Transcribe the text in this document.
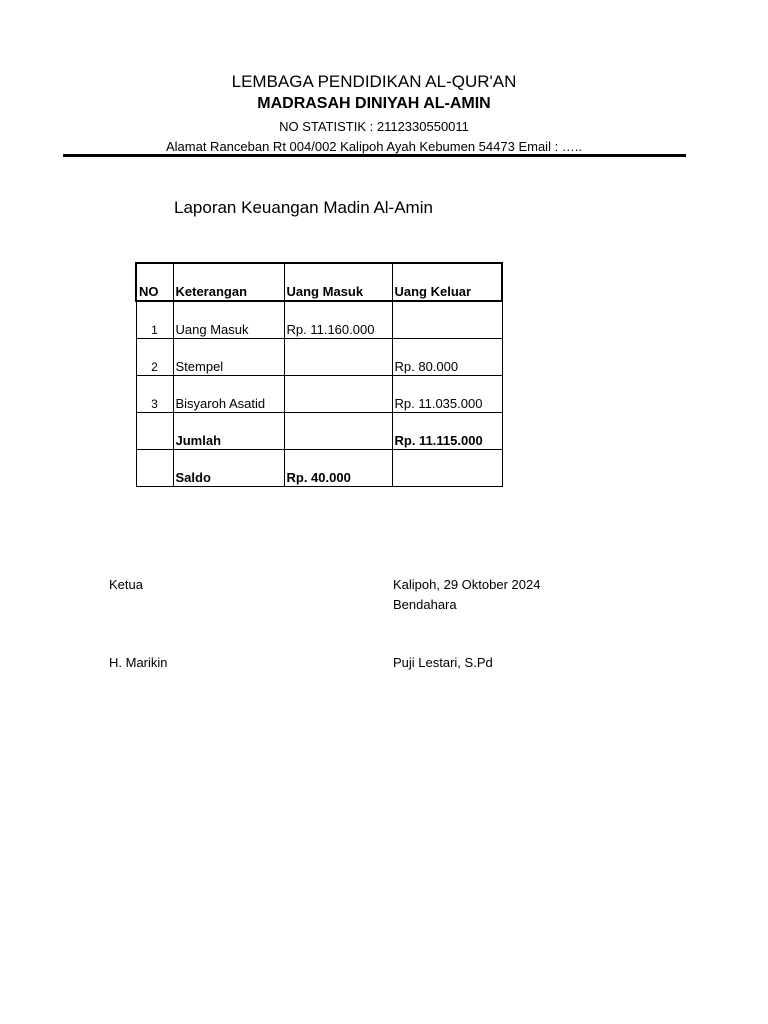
LEMBAGA PENDIDIKAN AL-QUR'AN
MADRASAH DINIYAH AL-AMIN
NO STATISTIK : 2112330550011
Alamat Ranceban Rt 004/002 Kalipoh Ayah Kebumen 54473 Email : …..
Laporan Keuangan Madin Al-Amin
NO	Keterangan	Uang Masuk	Uang Keluar
1	Uang Masuk	Rp. 11.160.000	
2	Stempel		Rp. 80.000
3	Bisyaroh Asatid		Rp. 11.035.000
	Jumlah		Rp. 11.115.000
	Saldo	Rp. 40.000	
Ketua	Kalipoh, 29 Oktober 2024
Bendahara
H. Marikin	Puji Lestari, S.Pd
